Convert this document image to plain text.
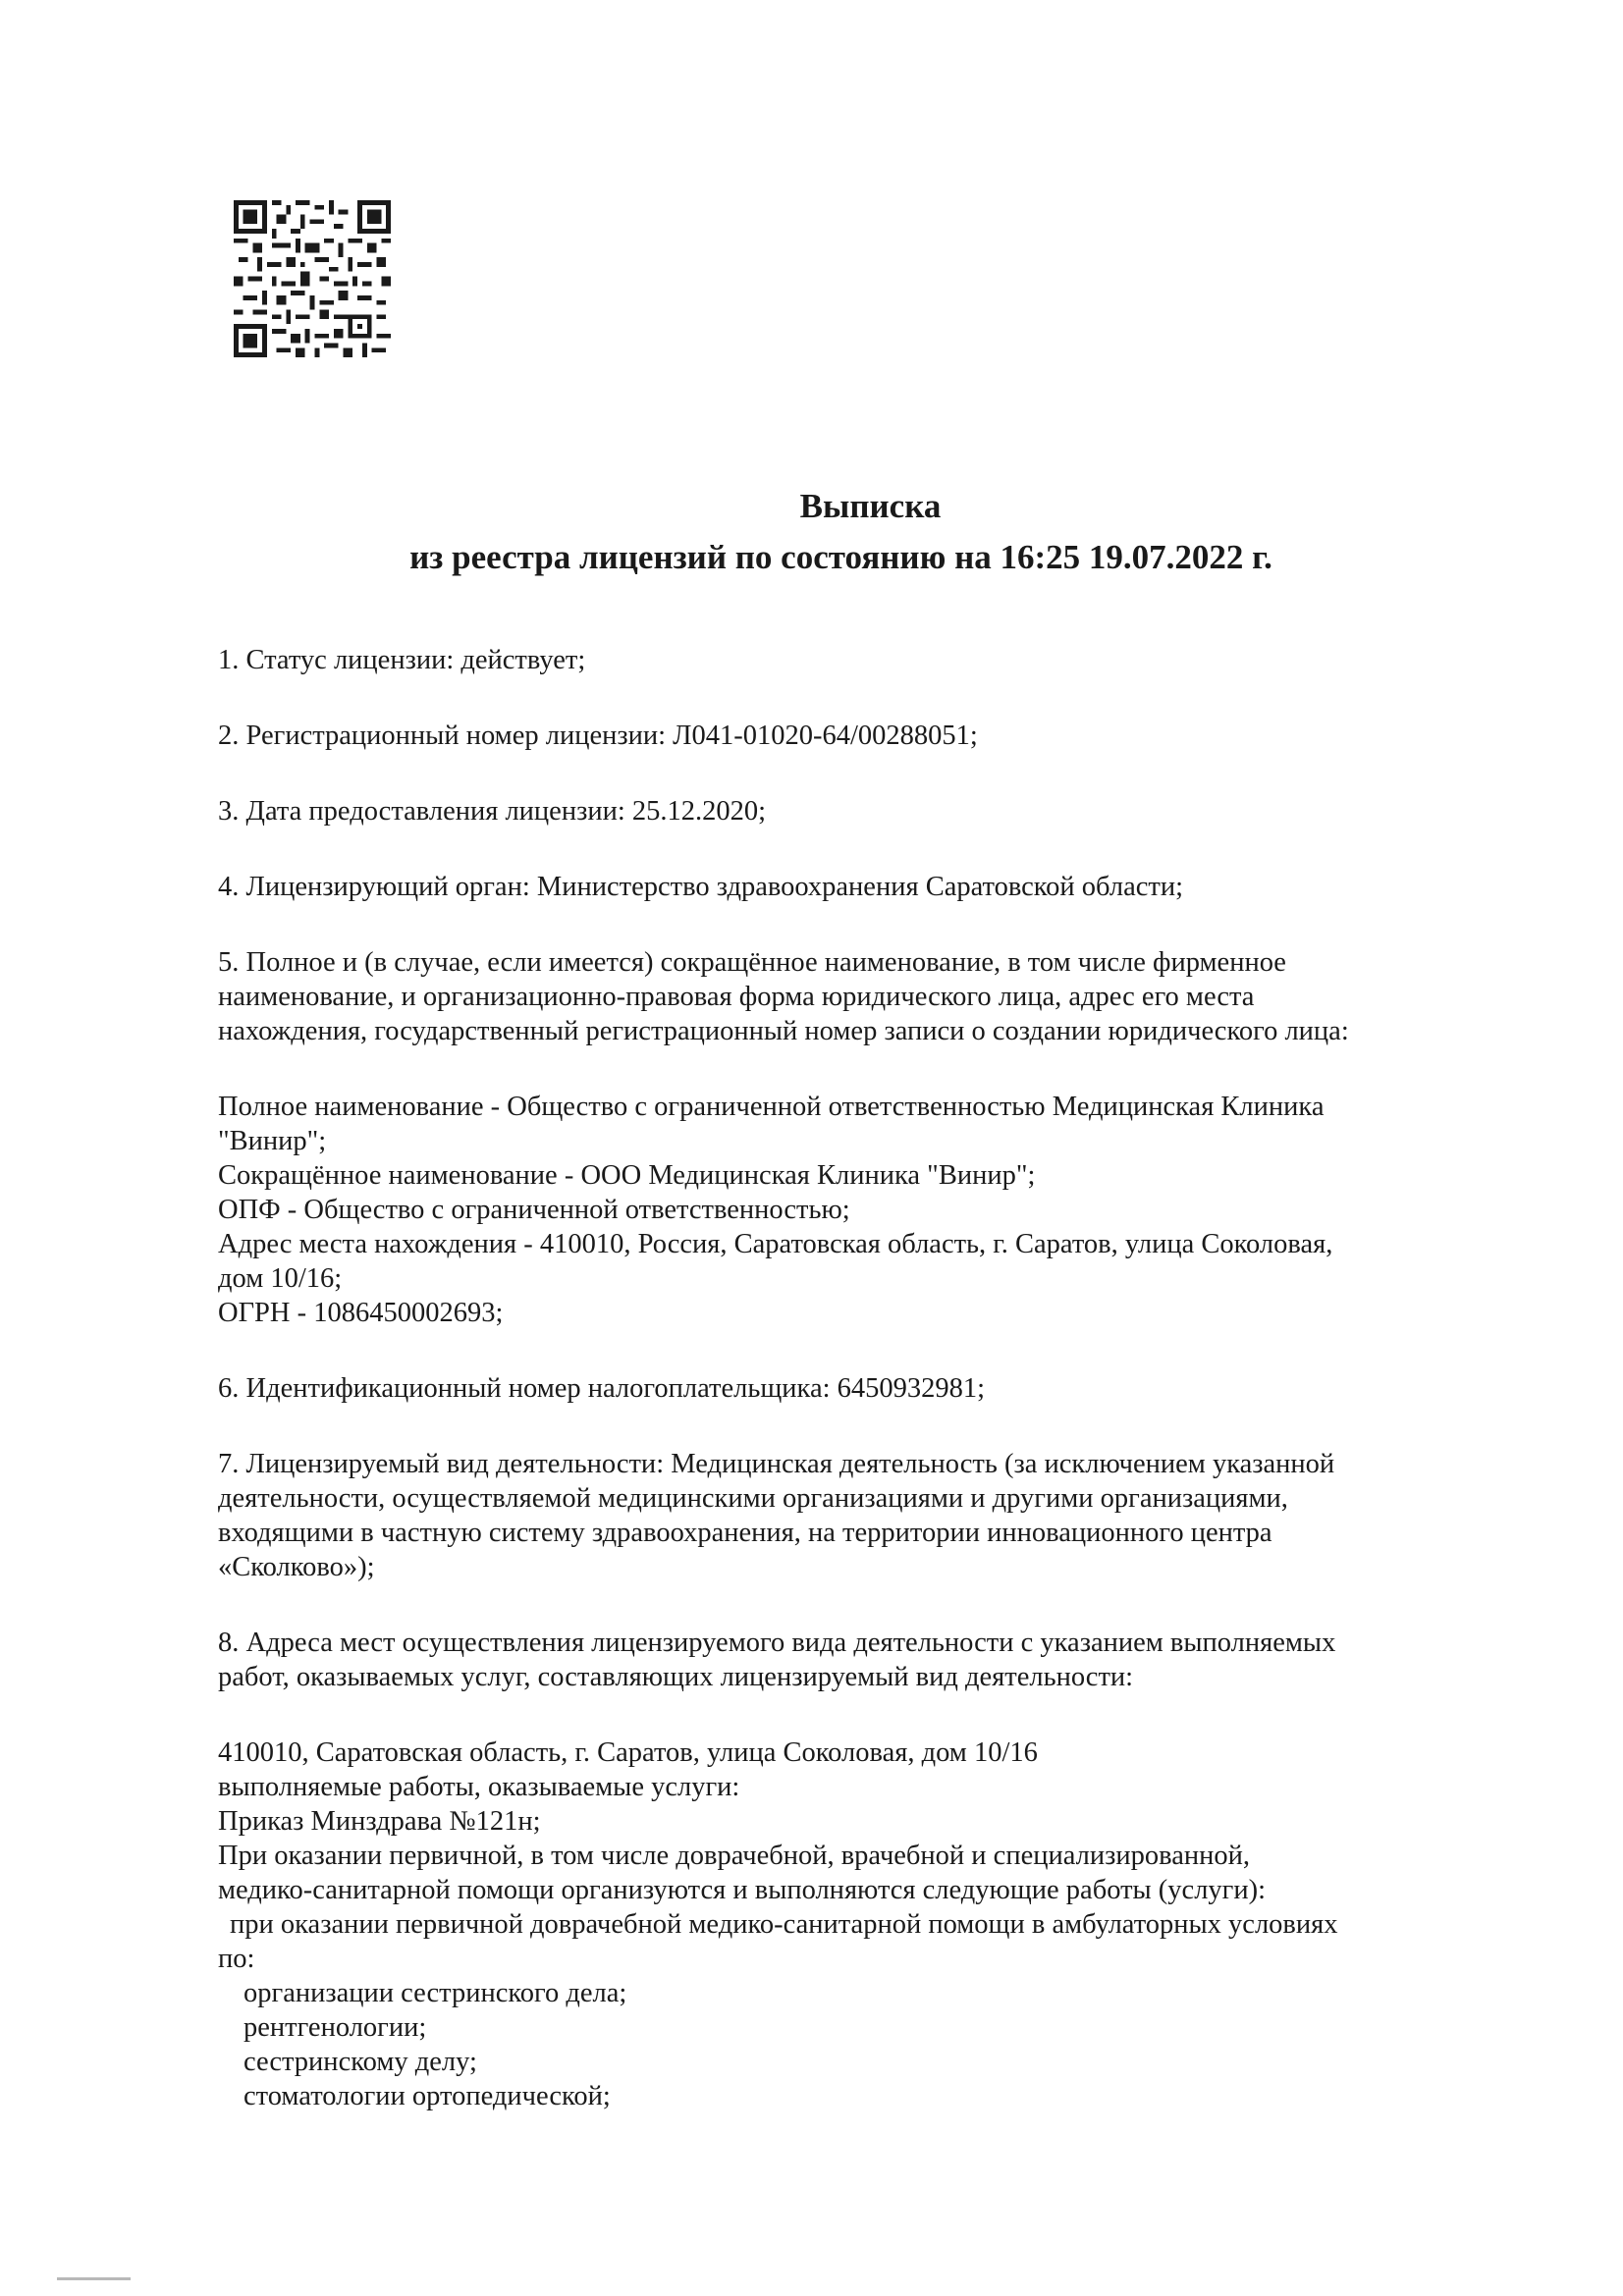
Выписка
из реестра лицензий по состоянию на 16:25 19.07.2022 г.

1. Статус лицензии: действует;

2. Регистрационный номер лицензии: Л041-01020-64/00288051;

3. Дата предоставления лицензии: 25.12.2020;

4. Лицензирующий орган: Министерство здравоохранения Саратовской области;

5. Полное и (в случае, если имеется) сокращённое наименование, в том числе фирменное
наименование, и организационно-правовая форма юридического лица, адрес его места
нахождения, государственный регистрационный номер записи о создании юридического лица:
Полное наименование - Общество с ограниченной ответственностью Медицинская Клиника
"Винир";
Сокращённое наименование - ООО Медицинская Клиника "Винир";
ОПФ - Общество с ограниченной ответственностью;
Адрес места нахождения - 410010, Россия, Саратовская область, г. Саратов, улица Соколовая,
дом 10/16;
ОГРН - 1086450002693;

6. Идентификационный номер налогоплательщика: 6450932981;

7. Лицензируемый вид деятельности: Медицинская деятельность (за исключением указанной
деятельности, осуществляемой медицинскими организациями и другими организациями,
входящими в частную систему здравоохранения, на территории инновационного центра
«Сколково»);
8. Адреса мест осуществления лицензируемого вида деятельности с указанием выполняемых
работ, оказываемых услуг, составляющих лицензируемый вид деятельности:
410010, Саратовская область, г. Саратов, улица Соколовая, дом 10/16
выполняемые работы, оказываемые услуги:
Приказ Минздрава №121н;
При оказании первичной, в том числе доврачебной, врачебной и специализированной,
медико-санитарной помощи организуются и выполняются следующие работы (услуги):
при оказании первичной доврачебной медико-санитарной помощи в амбулаторных условиях
по:
организации сестринского дела;
рентгенологии;
сестринскому делу;
стоматологии ортопедической;
